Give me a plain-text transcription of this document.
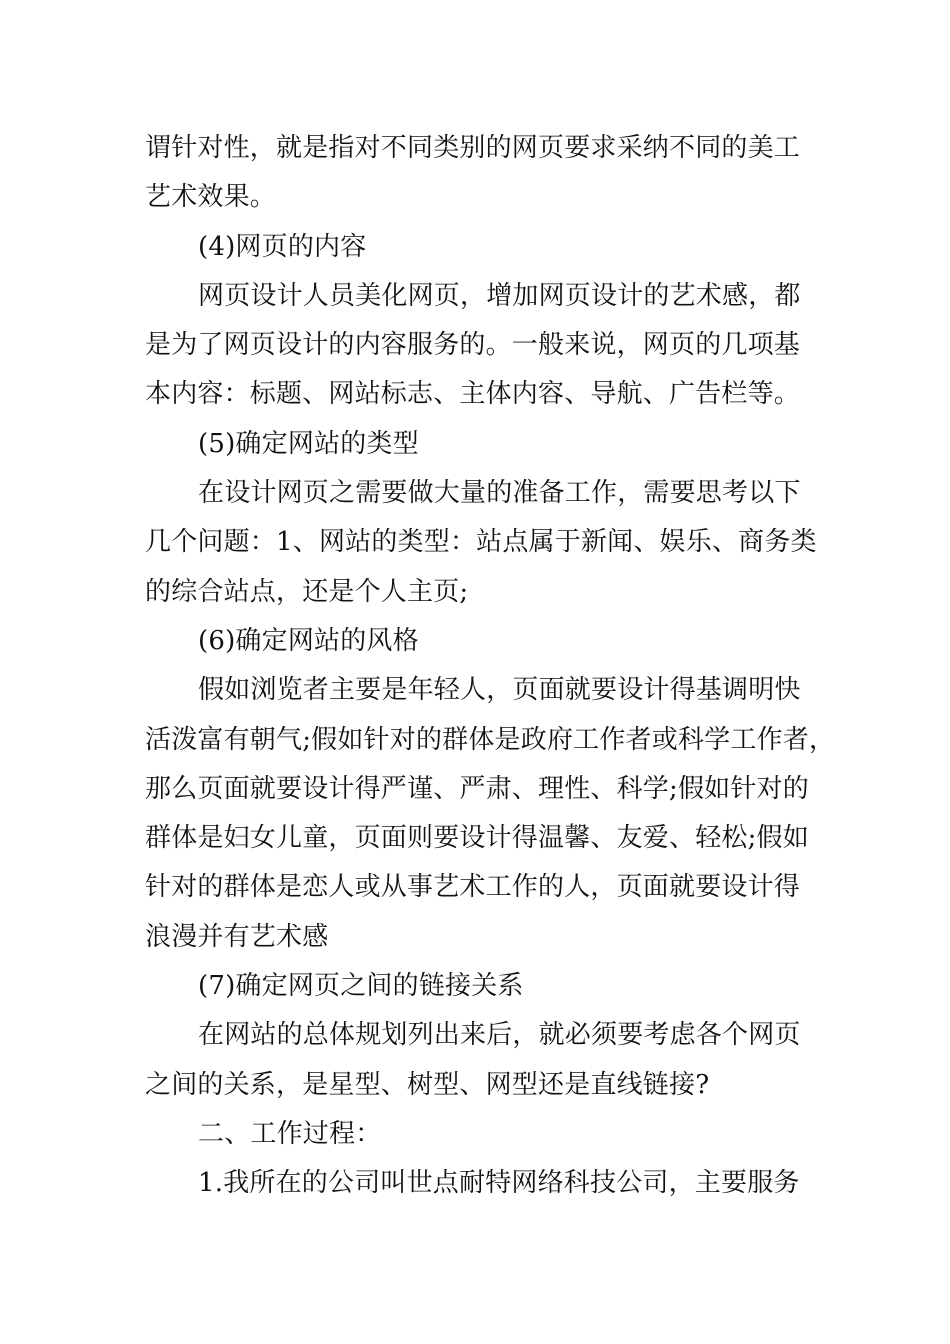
谓针对性，就是指对不同类别的网页要求采纳不同的美工
艺术效果。
(4)网页的内容
网页设计人员美化网页，增加网页设计的艺术感，都
是为了网页设计的内容服务的。一般来说，网页的几项基
本内容：标题、网站标志、主体内容、导航、广告栏等。
(5)确定网站的类型
在设计网页之需要做大量的准备工作，需要思考以下
几个问题：1、网站的类型：站点属于新闻、娱乐、商务类
的综合站点，还是个人主页;
(6)确定网站的风格
假如浏览者主要是年轻人，页面就要设计得基调明快
活泼富有朝气;假如针对的群体是政府工作者或科学工作者，
那么页面就要设计得严谨、严肃、理性、科学;假如针对的
群体是妇女儿童，页面则要设计得温馨、友爱、轻松;假如
针对的群体是恋人或从事艺术工作的人，页面就要设计得
浪漫并有艺术感
(7)确定网页之间的链接关系
在网站的总体规划列出来后，就必须要考虑各个网页
之间的关系，是星型、树型、网型还是直线链接?
二、工作过程：
1.我所在的公司叫世点耐特网络科技公司，主要服务
